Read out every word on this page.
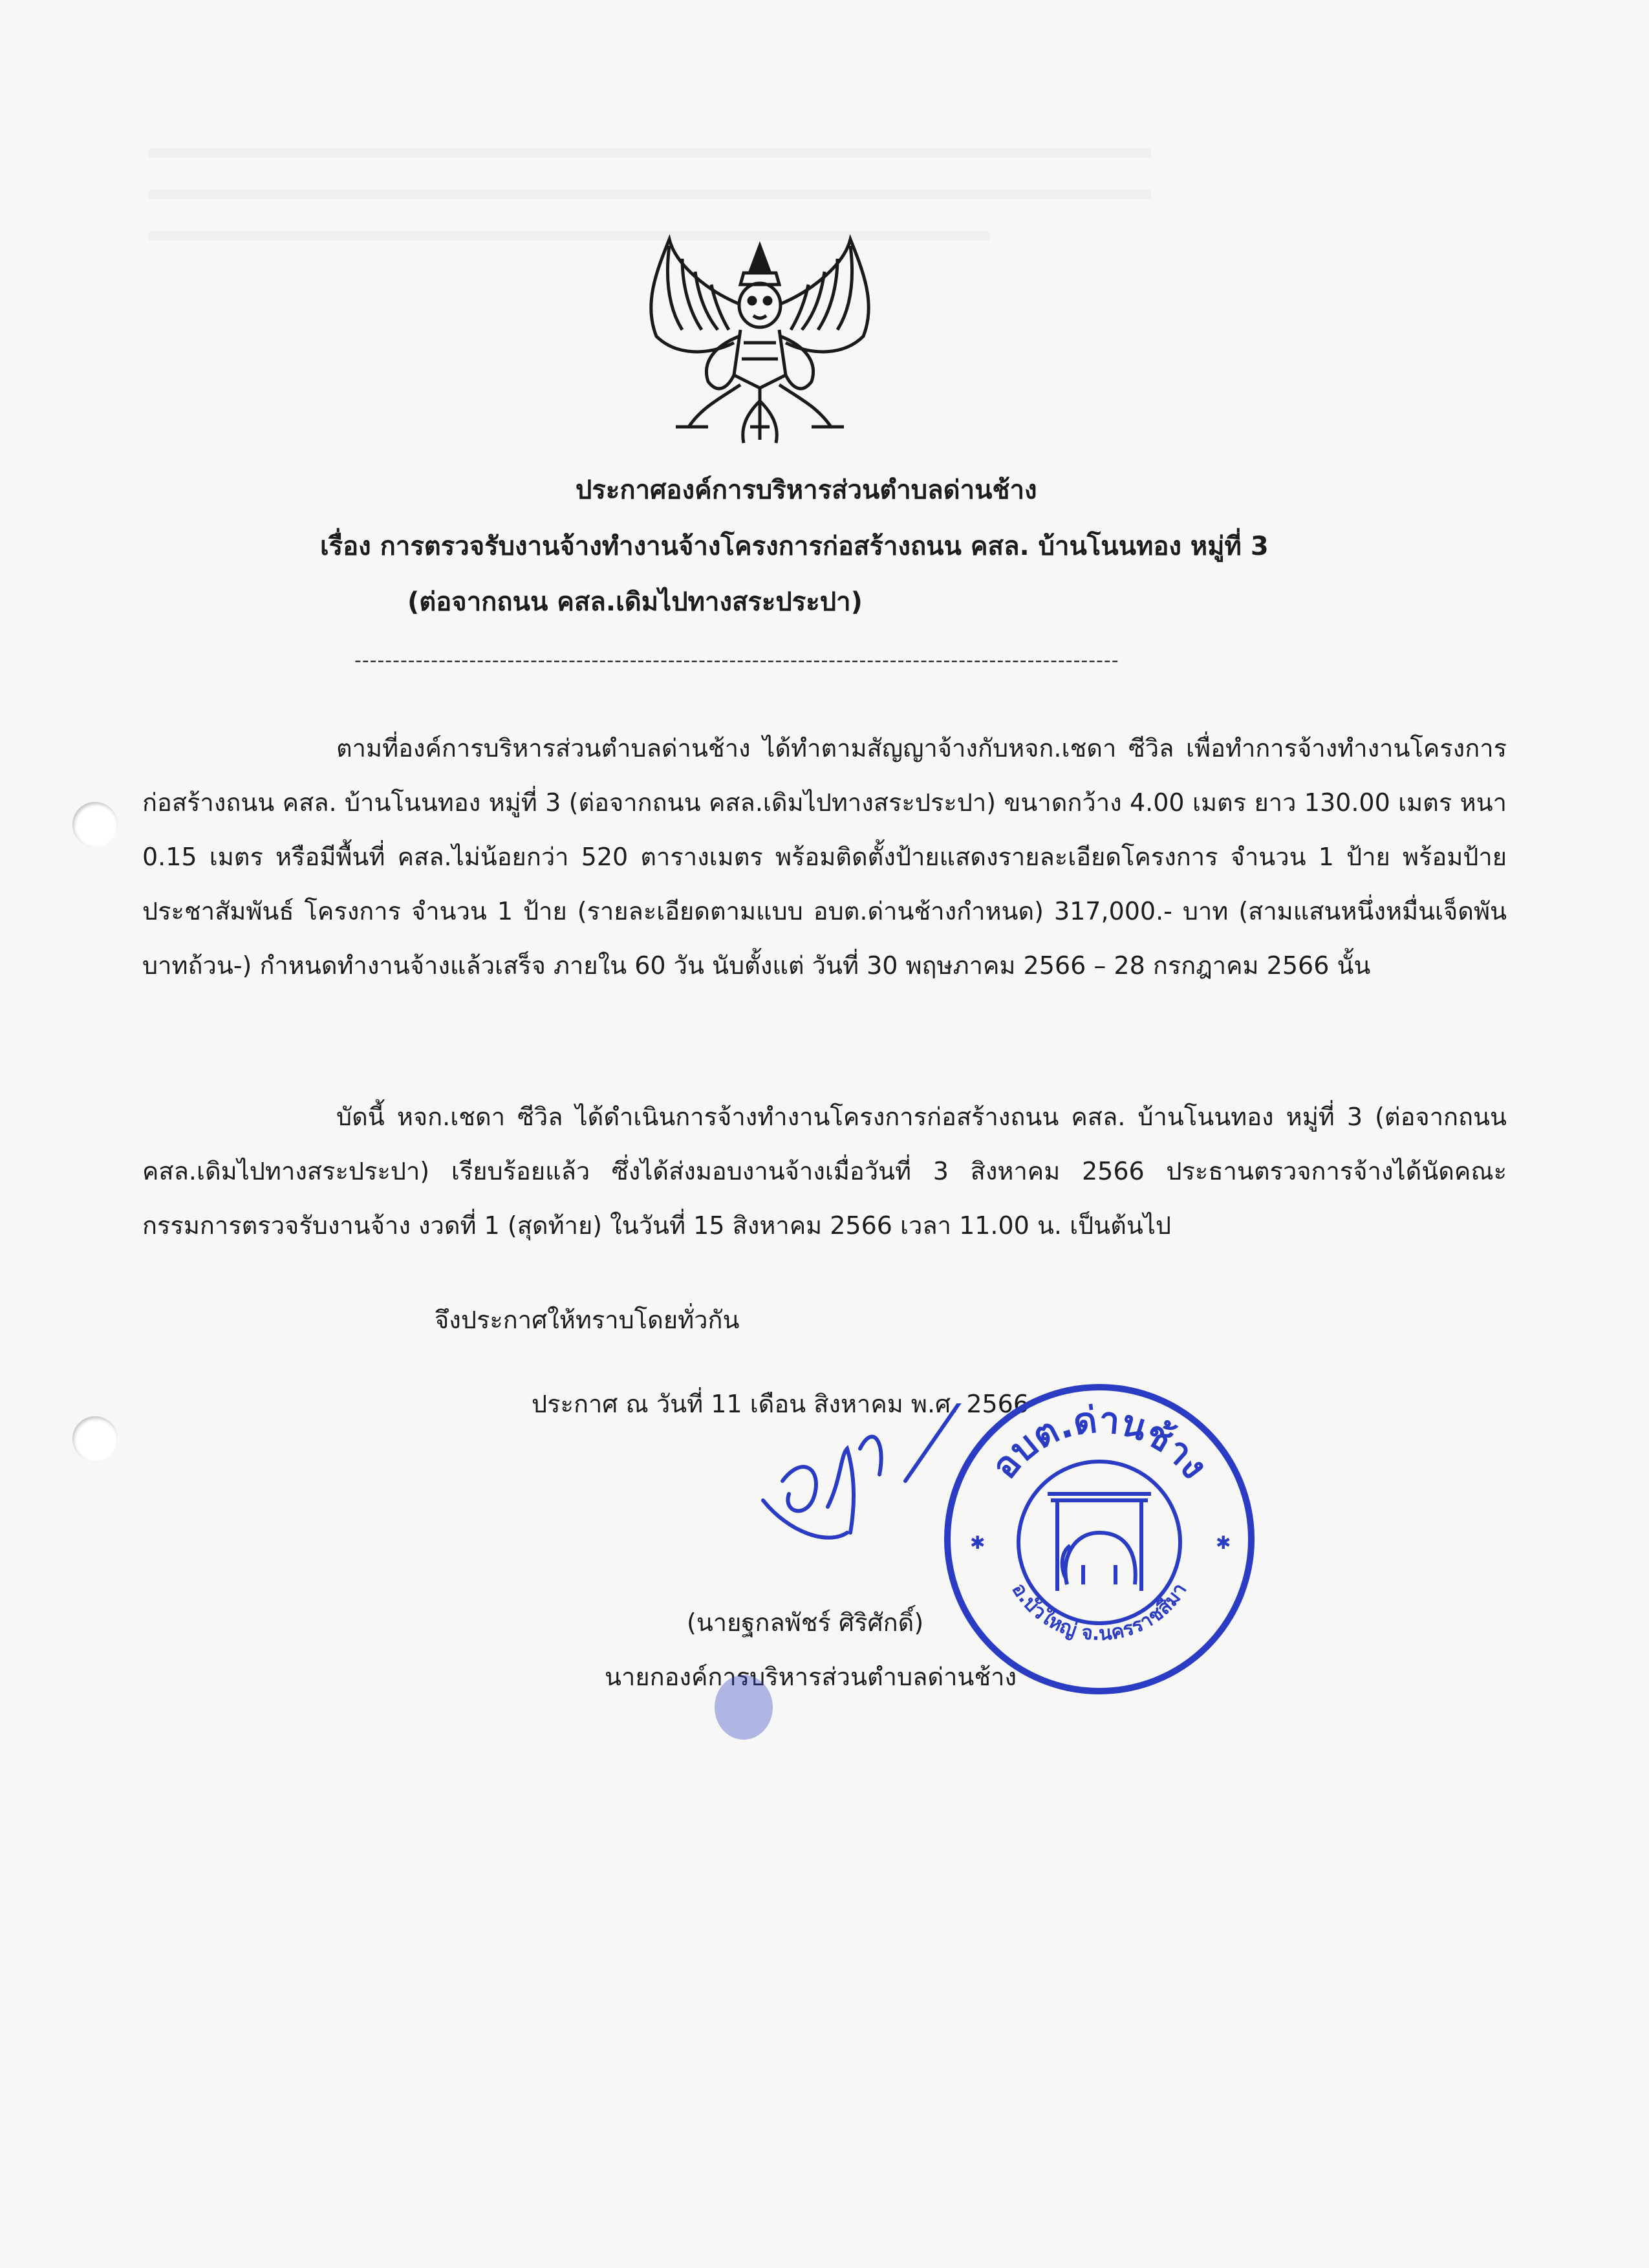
ประกาศองค์การบริหารส่วนตำบลด่านช้าง
เรื่อง การตรวจรับงานจ้างทำงานจ้างโครงการก่อสร้างถนน คสล. บ้านโนนทอง หมู่ที่ 3
(ต่อจากถนน คสล.เดิมไปทางสระประปา)
----------------------------------------------------------------------------------------------------
ตามที่องค์การบริหารส่วนตำบลด่านช้าง ได้ทำตามสัญญาจ้างกับหจก.เชดา ซีวิล เพื่อทำการจ้างทำงานโครงการก่อสร้างถนน คสล. บ้านโนนทอง หมู่ที่ 3 (ต่อจากถนน คสล.เดิมไปทางสระประปา) ขนาดกว้าง 4.00 เมตร ยาว 130.00 เมตร หนา 0.15 เมตร หรือมีพื้นที่ คสล.ไม่น้อยกว่า 520 ตารางเมตร พร้อมติดตั้งป้ายแสดงรายละเอียดโครงการ จำนวน 1 ป้าย พร้อมป้ายประชาสัมพันธ์ โครงการ จำนวน 1 ป้าย (รายละเอียดตามแบบ อบต.ด่านช้างกำหนด) 317,000.- บาท (สามแสนหนึ่งหมื่นเจ็ดพันบาทถ้วน-) กำหนดทำงานจ้างแล้วเสร็จ ภายใน 60 วัน นับตั้งแต่ วันที่ 30 พฤษภาคม 2566 – 28 กรกฎาคม 2566 นั้น
บัดนี้ หจก.เชดา ซีวิล ได้ดำเนินการจ้างทำงานโครงการก่อสร้างถนน คสล. บ้านโนนทอง หมู่ที่ 3 (ต่อจากถนน คสล.เดิมไปทางสระประปา) เรียบร้อยแล้ว ซึ่งได้ส่งมอบงานจ้างเมื่อวันที่ 3 สิงหาคม 2566 ประธานตรวจการจ้างได้นัดคณะกรรมการตรวจรับงานจ้าง งวดที่ 1 (สุดท้าย) ในวันที่ 15 สิงหาคม 2566 เวลา 11.00 น. เป็นต้นไป
จึงประกาศให้ทราบโดยทั่วกัน
ประกาศ ณ วันที่ 11 เดือน สิงหาคม พ.ศ. 2566
อบต.ด่านช้าง
อ.บัวใหญ่ จ.นครราชสีมา
✱	✱
(นายฐกลพัชร์ ศิริศักดิ์)
นายกองค์การบริหารส่วนตำบลด่านช้าง
